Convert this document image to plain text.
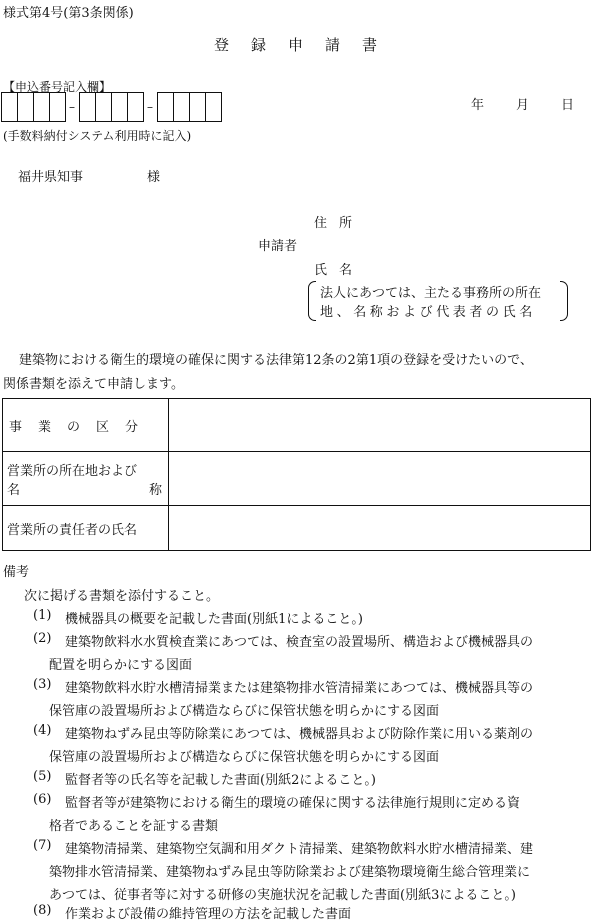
様式第4号(第3条関係)
登録申請書
【申込番号記入欄】
–	–
(手数料納付システム利用時に記入)
年	月	日
福井県知事	様
住所
申請者
氏名
法人にあつては、主たる事務所の所在
地、名称および代表者の氏名
建築物における衛生的環境の確保に関する法律第12条の2第1項の登録を受けたいので、
関係書類を添えて申請します。
事業の区分	

営業所の所在地および
名 称	

営業所の責任者の氏名	

備考
次に掲げる書類を添付すること。
(1) 機械器具の概要を記載した書面(別紙1によること。)
(2) 建築物飲料水水質検査業にあつては、検査室の設置場所、構造および機械器具の
配置を明らかにする図面
(3) 建築物飲料水貯水槽清掃業または建築物排水管清掃業にあつては、機械器具等の
保管庫の設置場所および構造ならびに保管状態を明らかにする図面
(4) 建築物ねずみ昆虫等防除業にあつては、機械器具および防除作業に用いる薬剤の
保管庫の設置場所および構造ならびに保管状態を明らかにする図面
(5) 監督者等の氏名等を記載した書面(別紙2によること。)
(6) 監督者等が建築物における衛生的環境の確保に関する法律施行規則に定める資
格者であることを証する書類
(7) 建築物清掃業、建築物空気調和用ダクト清掃業、建築物飲料水貯水槽清掃業、建
築物排水管清掃業、建築物ねずみ昆虫等防除業および建築物環境衛生総合管理業に
あつては、従事者等に対する研修の実施状況を記載した書面(別紙3によること。)
(8) 作業および設備の維持管理の方法を記載した書面
